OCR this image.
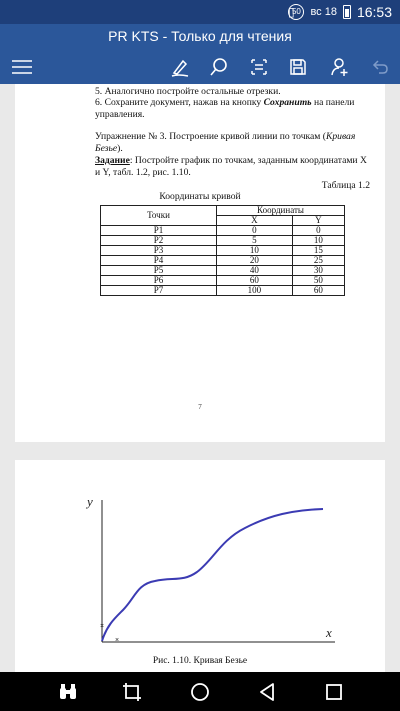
▯
50 вс 18 16:53
PR KTS - Только для чтения
5. Аналогично постройте остальные отрезки.
6. Сохраните документ, нажав на кнопку Сохранить на панели управления.
Упражнение № 3. Построение кривой линии по точкам (Кривая Безье).
Задание: Постройте график по точкам, заданным координатами X и Y, табл. 1.2, рис. 1.10.
Таблица 1.2
Координаты кривой
Точки	Координаты	
	X	Y
P1	0	0
P2	5	10
P3	10	15
P4	20	25
P5	40	30
P6	60	50
P7	100	60
7
y
x
×
×
Рис. 1.10. Кривая Безье
